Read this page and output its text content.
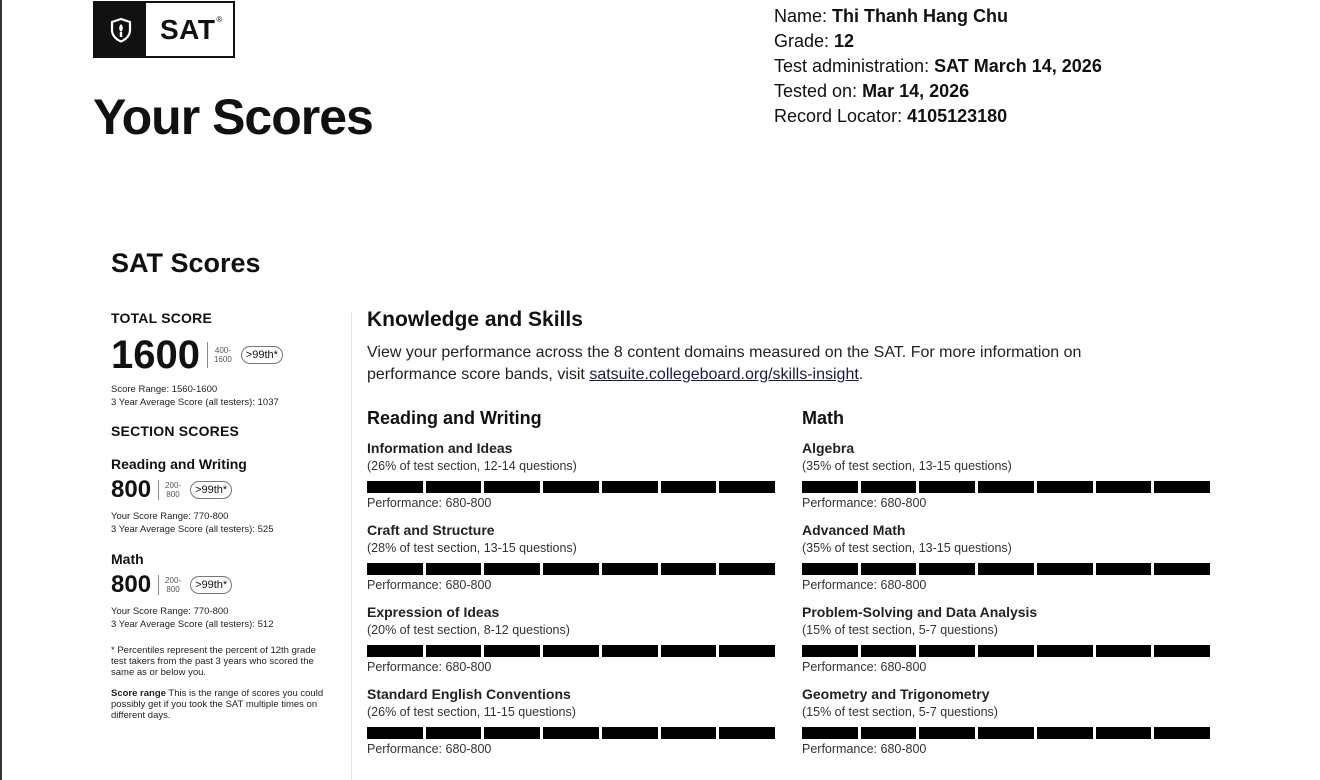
SAT®
Your Scores
Name: Thi Thanh Hang Chu
Grade: 12
Test administration: SAT March 14, 2026
Tested on: Mar 14, 2026
Record Locator: 4105123180
SAT Scores
TOTAL SCORE
1600 400-
1600	>99th*
Score Range: 1560-1600
3 Year Average Score (all testers): 1037
SECTION SCORES
Reading and Writing
800 200-
800	>99th*
Your Score Range: 770-800
3 Year Average Score (all testers): 525
Math
800 200-
800	>99th*
Your Score Range: 770-800
3 Year Average Score (all testers): 512
* Percentiles represent the percent of 12th grade test takers from the past 3 years who scored the same as or below you.
Score range This is the range of scores you could possibly get if you took the SAT multiple times on different days.
Knowledge and Skills
View your performance across the 8 content domains measured on the SAT. For more information on performance score bands, visit satsuite.collegeboard.org/skills-insight.
Reading and Writing
Information and Ideas
(26% of test section, 12-14 questions)
Performance: 680-800
Craft and Structure
(28% of test section, 13-15 questions)
Performance: 680-800
Expression of Ideas
(20% of test section, 8-12 questions)
Performance: 680-800
Standard English Conventions
(26% of test section, 11-15 questions)
Performance: 680-800
Math
Algebra
(35% of test section, 13-15 questions)
Performance: 680-800
Advanced Math
(35% of test section, 13-15 questions)
Performance: 680-800
Problem-Solving and Data Analysis
(15% of test section, 5-7 questions)
Performance: 680-800
Geometry and Trigonometry
(15% of test section, 5-7 questions)
Performance: 680-800
